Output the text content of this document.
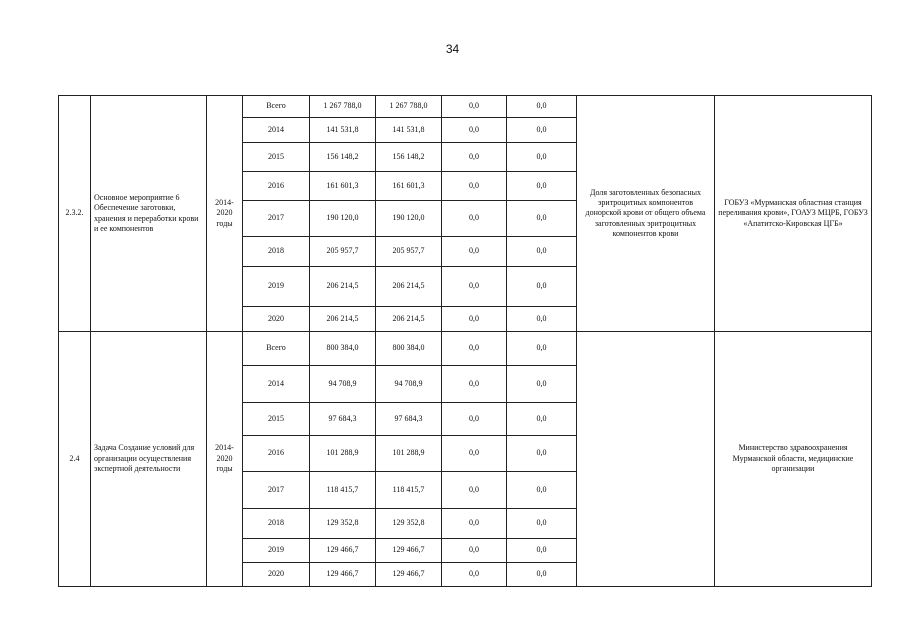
34
2.3.2.	Основное мероприятие 6 Обеспечение заготовки, хранения и переработки крови и ее компонентов	2014-2020 годы	Всего	1 267 788,0	1 267 788,0	0,0	0,0	Доля заготовленных безопасных эритроцитных компонентов донорской крови от общего объема заготовленных эритроцитных компонентов крови	ГОБУЗ «Мурманская областная станция переливания крови», ГОАУЗ МЦРБ, ГОБУЗ «Апатитско-Кировская ЦГБ»
			2014	141 531,8	141 531,8	0,0	0,0		
			2015	156 148,2	156 148,2	0,0	0,0		
			2016	161 601,3	161 601,3	0,0	0,0		
			2017	190 120,0	190 120,0	0,0	0,0		
			2018	205 957,7	205 957,7	0,0	0,0		
			2019	206 214,5	206 214,5	0,0	0,0		
			2020	206 214,5	206 214,5	0,0	0,0		
2.4	Задача Создание условий для организации осуществления экспертной деятельности	2014-2020 годы	Всего	800 384,0	800 384,0	0,0	0,0		Министерство здравоохранения Мурманской области, медицинские организации
			2014	94 708,9	94 708,9	0,0	0,0		
			2015	97 684,3	97 684,3	0,0	0,0		
			2016	101 288,9	101 288,9	0,0	0,0		
			2017	118 415,7	118 415,7	0,0	0,0		
			2018	129 352,8	129 352,8	0,0	0,0		
			2019	129 466,7	129 466,7	0,0	0,0		
			2020	129 466,7	129 466,7	0,0	0,0		
